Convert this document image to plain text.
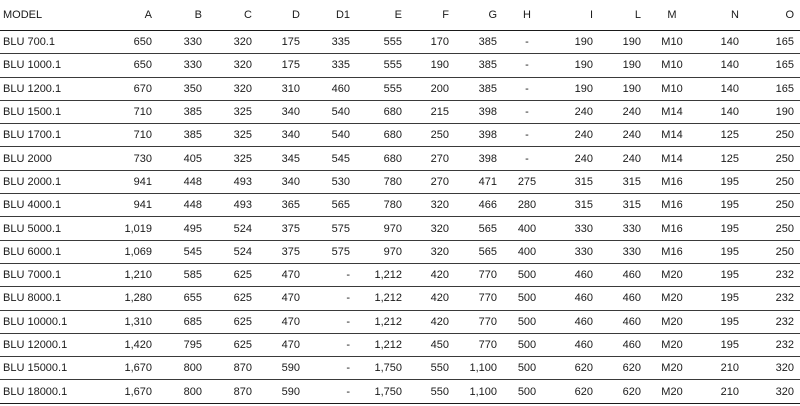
MODEL	A	B	C	D	D1	E	F	G	H	I	L	M	N	O
BLU 700.1	650	330	320	175	335	555	170	385	-	190	190	M10	140	165
BLU 1000.1	650	330	320	175	335	555	190	385	-	190	190	M10	140	165
BLU 1200.1	670	350	320	310	460	555	200	385	-	190	190	M10	140	165
BLU 1500.1	710	385	325	340	540	680	215	398	-	240	240	M14	140	190
BLU 1700.1	710	385	325	340	540	680	250	398	-	240	240	M14	125	250
BLU 2000	730	405	325	345	545	680	270	398	-	240	240	M14	125	250
BLU 2000.1	941	448	493	340	530	780	270	471	275	315	315	M16	195	250
BLU 4000.1	941	448	493	365	565	780	320	466	280	315	315	M16	195	250
BLU 5000.1	1,019	495	524	375	575	970	320	565	400	330	330	M16	195	250
BLU 6000.1	1,069	545	524	375	575	970	320	565	400	330	330	M16	195	250
BLU 7000.1	1,210	585	625	470	-	1,212	420	770	500	460	460	M20	195	232
BLU 8000.1	1,280	655	625	470	-	1,212	420	770	500	460	460	M20	195	232
BLU 10000.1	1,310	685	625	470	-	1,212	420	770	500	460	460	M20	195	232
BLU 12000.1	1,420	795	625	470	-	1,212	450	770	500	460	460	M20	195	232
BLU 15000.1	1,670	800	870	590	-	1,750	550	1,100	500	620	620	M20	210	320
BLU 18000.1	1,670	800	870	590	-	1,750	550	1,100	500	620	620	M20	210	320
